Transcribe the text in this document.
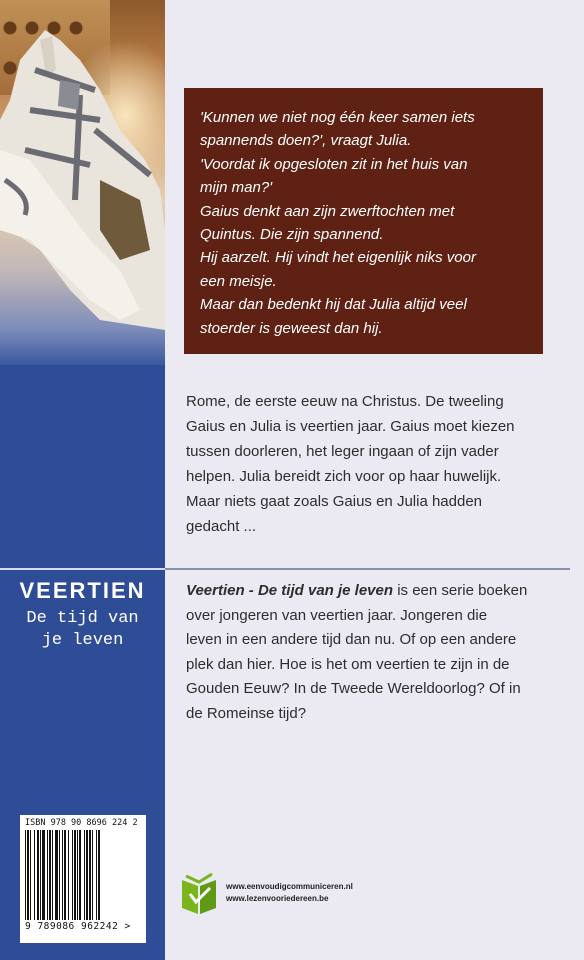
VEERTIEN
De tijd van
je leven
ISBN 978 90 8696 224 2
9 789086 962242 >
'Kunnen we niet nog één keer samen iets
spannends doen?', vraagt Julia.
'Voordat ik opgesloten zit in het huis van
mijn man?'
Gaius denkt aan zijn zwerftochten met
Quintus. Die zijn spannend.
Hij aarzelt. Hij vindt het eigenlijk niks voor
een meisje.
Maar dan bedenkt hij dat Julia altijd veel
stoerder is geweest dan hij.
Rome, de eerste eeuw na Christus. De tweeling
Gaius en Julia is veertien jaar. Gaius moet kiezen
tussen doorleren, het leger ingaan of zijn vader
helpen. Julia bereidt zich voor op haar huwelijk.
Maar niets gaat zoals Gaius en Julia hadden
gedacht ...
Veertien - De tijd van je leven is een serie boeken
over jongeren van veertien jaar. Jongeren die
leven in een andere tijd dan nu. Of op een andere
plek dan hier. Hoe is het om veertien te zijn in de
Gouden Eeuw? In de Tweede Wereldoorlog? Of in
de Romeinse tijd?
www.eenvoudigcommuniceren.nl
www.lezenvooriedereen.be
